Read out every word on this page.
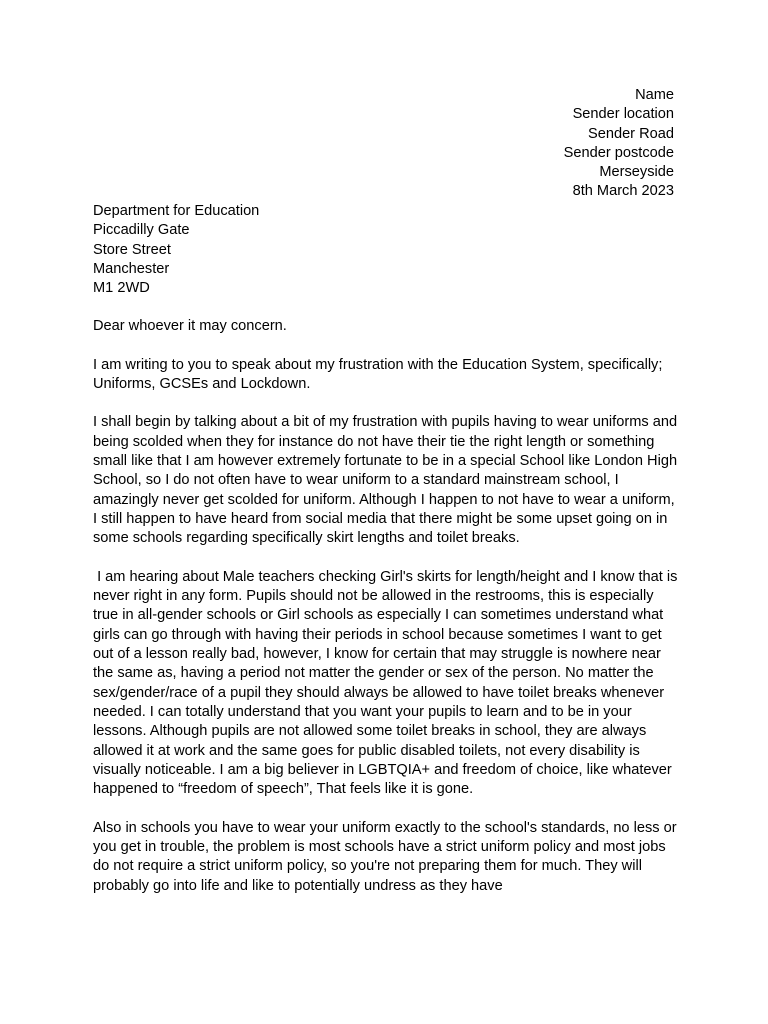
Name
Sender location
Sender Road
Sender postcode
Merseyside
8th March 2023
Department for Education
Piccadilly Gate
Store Street
Manchester
M1 2WD

Dear whoever it may concern.

I am writing to you to speak about my frustration with the Education System, specifically; Uniforms, GCSEs and Lockdown.

I shall begin by talking about a bit of my frustration with pupils having to wear uniforms and being scolded when they for instance do not have their tie the right length or something small like that I am however extremely fortunate to be in a special School like London High School, so I do not often have to wear uniform to a standard mainstream school, I amazingly never get scolded for uniform. Although I happen to not have to wear a uniform, I still happen to have heard from social media that there might be some upset going on in some schools regarding specifically skirt lengths and toilet breaks.

I am hearing about Male teachers checking Girl's skirts for length/height and I know that is never right in any form. Pupils should not be allowed in the restrooms, this is especially true in all-gender schools or Girl schools as especially I can sometimes understand what girls can go through with having their periods in school because sometimes I want to get out of a lesson really bad, however, I know for certain that may struggle is nowhere near the same as, having a period not matter the gender or sex of the person. No matter the sex/gender/race of a pupil they should always be allowed to have toilet breaks whenever needed. I can totally understand that you want your pupils to learn and to be in your lessons. Although pupils are not allowed some toilet breaks in school, they are always allowed it at work and the same goes for public disabled toilets, not every disability is visually noticeable. I am a big believer in LGBTQIA+ and freedom of choice, like whatever happened to “freedom of speech”, That feels like it is gone.

Also in schools you have to wear your uniform exactly to the school's standards, no less or you get in trouble, the problem is most schools have a strict uniform policy and most jobs do not require a strict uniform policy, so you're not preparing them for much. They will probably go into life and like to potentially undress as they have
